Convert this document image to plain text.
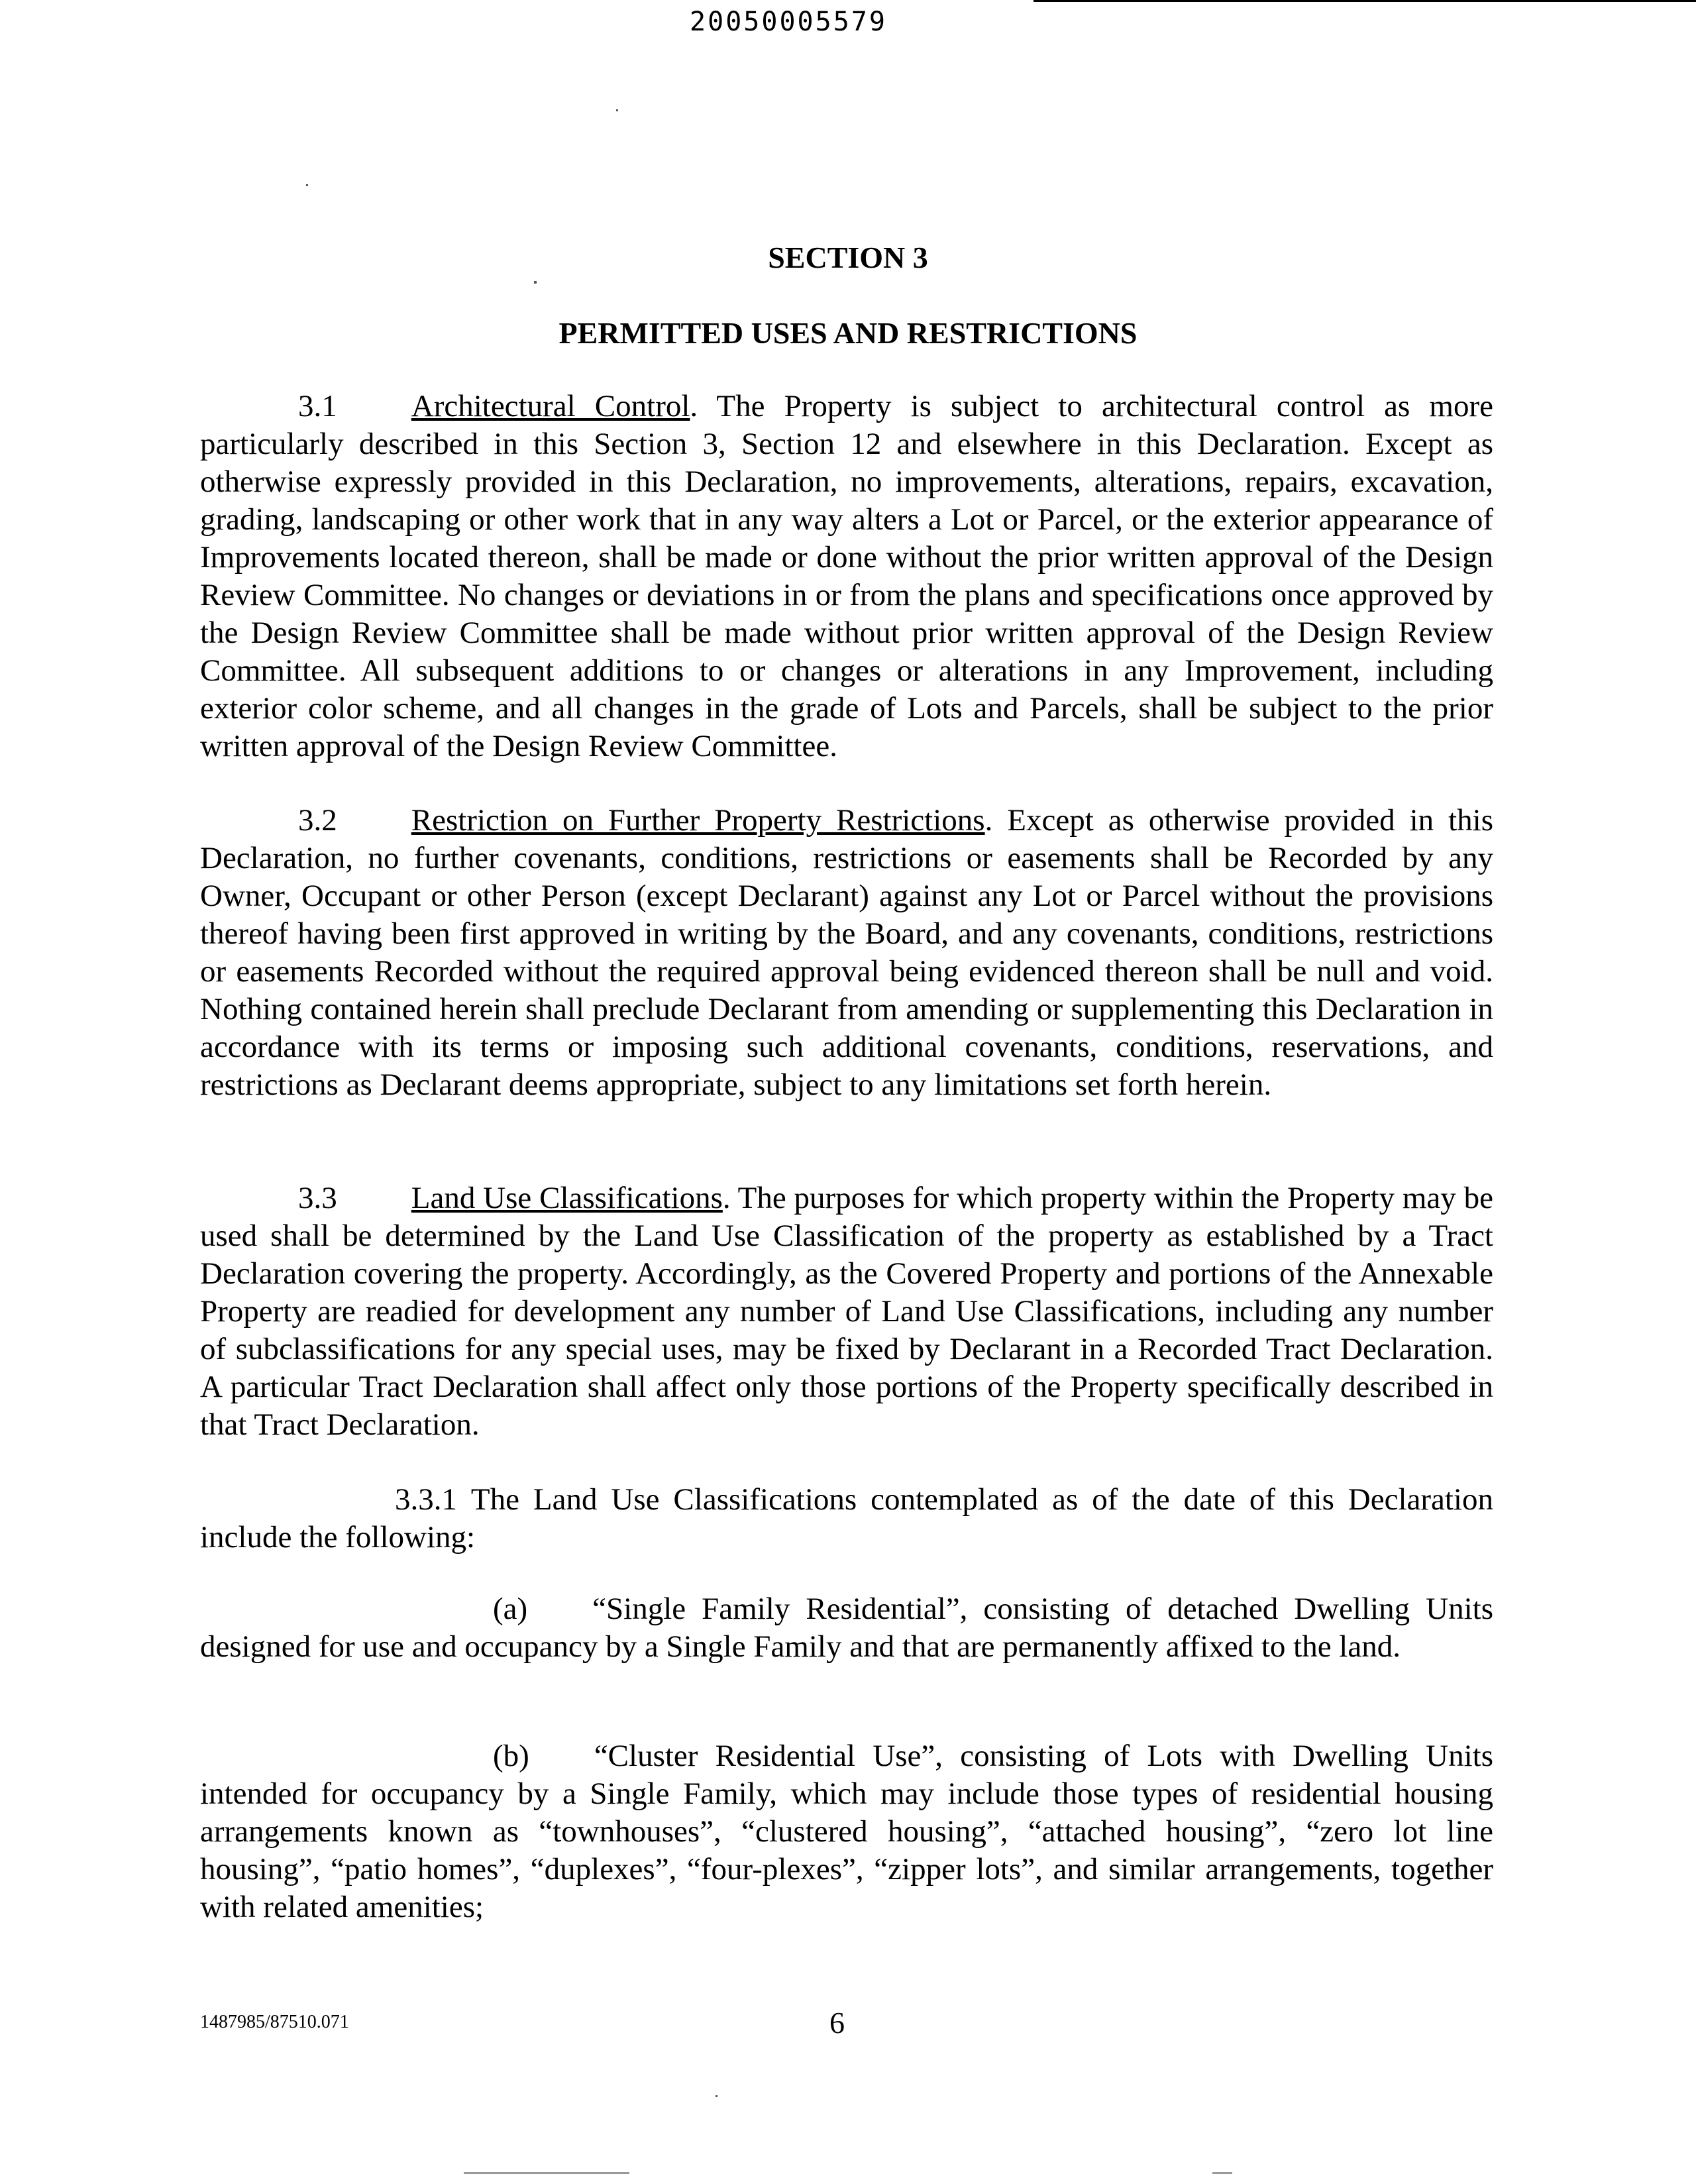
20050005579
SECTION 3
PERMITTED USES AND RESTRICTIONS
3.1 Architectural Control. The Property is subject to architectural control as more particularly described in this Section 3, Section 12 and elsewhere in this Declaration. Except as otherwise expressly provided in this Declaration, no improvements, alterations, repairs, excavation, grading, landscaping or other work that in any way alters a Lot or Parcel, or the exterior appearance of Improvements located thereon, shall be made or done without the prior written approval of the Design Review Committee. No changes or deviations in or from the plans and specifications once approved by the Design Review Committee shall be made without prior written approval of the Design Review Committee. All subsequent additions to or changes or alterations in any Improvement, including exterior color scheme, and all changes in the grade of Lots and Parcels, shall be subject to the prior written approval of the Design Review Committee.
3.2 Restriction on Further Property Restrictions. Except as otherwise provided in this Declaration, no further covenants, conditions, restrictions or easements shall be Recorded by any Owner, Occupant or other Person (except Declarant) against any Lot or Parcel without the provisions thereof having been first approved in writing by the Board, and any covenants, conditions, restrictions or easements Recorded without the required approval being evidenced thereon shall be null and void. Nothing contained herein shall preclude Declarant from amending or supplementing this Declaration in accordance with its terms or imposing such additional covenants, conditions, reservations, and restrictions as Declarant deems appropriate, subject to any limitations set forth herein.
3.3 Land Use Classifications. The purposes for which property within the Property may be used shall be determined by the Land Use Classification of the property as established by a Tract Declaration covering the property. Accordingly, as the Covered Property and portions of the Annexable Property are readied for development any number of Land Use Classifications, including any number of subclassifications for any special uses, may be fixed by Declarant in a Recorded Tract Declaration. A particular Tract Declaration shall affect only those portions of the Property specifically described in that Tract Declaration.
3.3.1 The Land Use Classifications contemplated as of the date of this Declaration include the following:
(a) “Single Family Residential”, consisting of detached Dwelling Units designed for use and occupancy by a Single Family and that are permanently affixed to the land.
(b) “Cluster Residential Use”, consisting of Lots with Dwelling Units intended for occupancy by a Single Family, which may include those types of residential housing arrangements known as “townhouses”, “clustered housing”, “attached housing”, “zero lot line housing”, “patio homes”, “duplexes”, “four-plexes”, “zipper lots”, and similar arrangements, together with related amenities;
1487985/87510.071	6
